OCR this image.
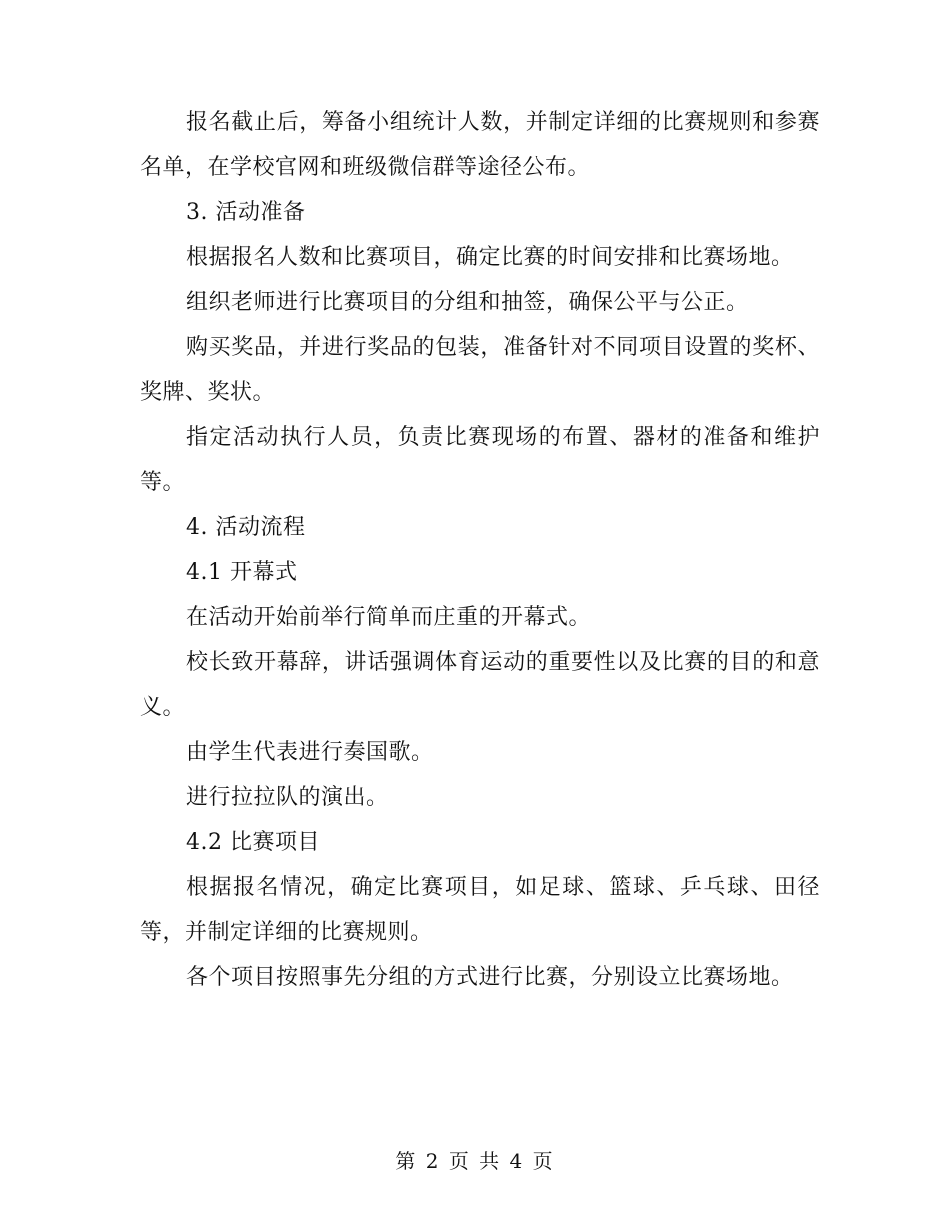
报名截止后，筹备小组统计人数，并制定详细的比赛规则和参赛名单，在学校官网和班级微信群等途径公布。

3. 活动准备

根据报名人数和比赛项目，确定比赛的时间安排和比赛场地。

组织老师进行比赛项目的分组和抽签，确保公平与公正。

购买奖品，并进行奖品的包装，准备针对不同项目设置的奖杯、奖牌、奖状。

指定活动执行人员，负责比赛现场的布置、器材的准备和维护等。

4. 活动流程

4.1 开幕式

在活动开始前举行简单而庄重的开幕式。

校长致开幕辞，讲话强调体育运动的重要性以及比赛的目的和意义。

由学生代表进行奏国歌。

进行拉拉队的演出。

4.2 比赛项目

根据报名情况，确定比赛项目，如足球、篮球、乒乓球、田径等，并制定详细的比赛规则。

各个项目按照事先分组的方式进行比赛，分别设立比赛场地。

第 2 页 共 4 页
